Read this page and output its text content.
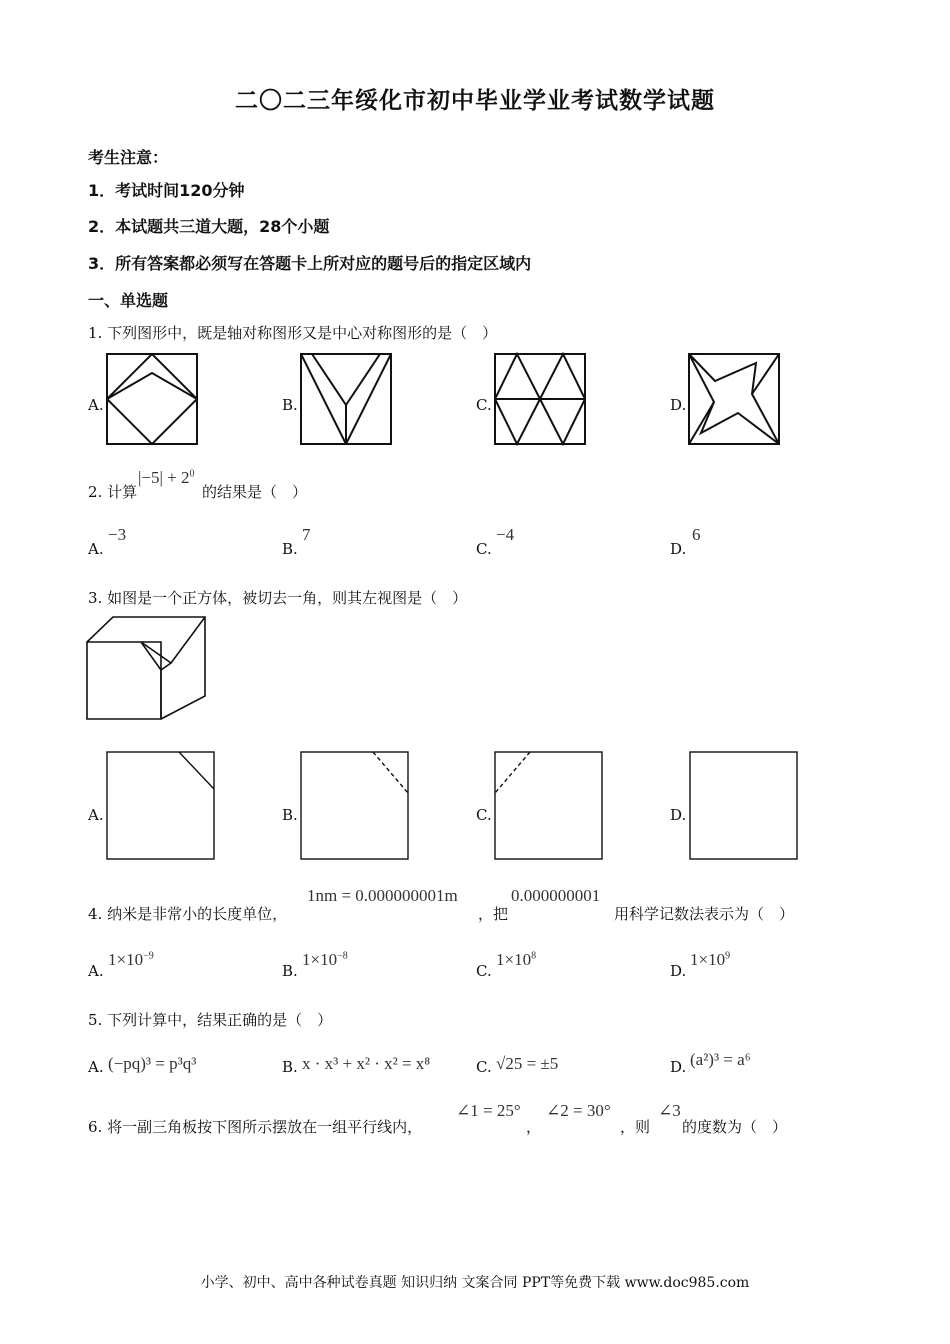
二〇二三年绥化市初中毕业学业考试数学试题
考生注意：
1．考试时间120分钟
2．本试题共三道大题，28个小题
3．所有答案都必须写在答题卡上所对应的题号后的指定区域内
一、单选题
1. 下列图形中，既是轴对称图形又是中心对称图形的是（　）
A.	B.	C.	D.
2. 计算
$|-5| + 2^0$
的结果是（　）
A.
−3
B.
7
C.
−4
D.
6
3. 如图是一个正方体，被切去一角，则其左视图是（　）
A.	B.	C.	D.
4. 纳米是非常小的长度单位，
1nm = 0.000000001m
，把
0.000000001
用科学记数法表示为（　）
A.
$1\times 10^{-9}$
B.
$1\times 10^{-8}$
C.
$1\times 10^8$
D.
$1\times 10^9$
5. 下列计算中，结果正确的是（　）
A. (−pq)³ = p³q³	B. x · x³ + x² · x² = x⁸	C. √25 = ±5	D. (a²)³ = a⁶
6. 将一副三角板按下图所示摆放在一组平行线内，
∠1 = 25°
，
∠2 = 30°
，则
∠3
的度数为（　）
小学、初中、高中各种试卷真题 知识归纳 文案合同 PPT等免费下载 www.doc985.com
